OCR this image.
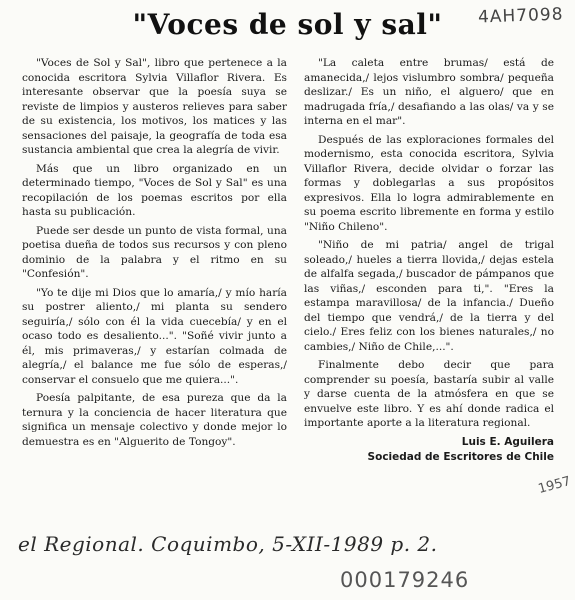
4AH7098
"Voces de sol y sal"

"Voces de Sol y Sal", libro que pertenece a la conocida escritora Sylvia Villaflor Rivera. Es interesante observar que la poesía suya se reviste de limpios y austeros relieves para saber de su existencia, los motivos, los matices y las sensaciones del paisaje, la geografía de toda esa sustancia ambiental que crea la alegría de vivir.

Más que un libro organizado en un determinado tiempo, "Voces de Sol y Sal" es una recopilación de los poemas escritos por ella hasta su publicación.

Puede ser desde un punto de vista formal, una poetisa dueña de todos sus recursos y con pleno dominio de la palabra y el ritmo en su "Confesión".

"Yo te dije mi Dios que lo amaría,/ y mío haría su postrer aliento,/ mi planta su sendero seguiría,/ sólo con él la vida cuecebía/ y en el ocaso todo es desaliento...". "Soñé vivir junto a él, mis primaveras,/ y estarían colmada de alegría,/ el balance me fue sólo de esperas,/ conservar el consuelo que me quiera...".

Poesía palpitante, de esa pureza que da la ternura y la conciencia de hacer literatura que significa un mensaje colectivo y donde mejor lo demuestra es en "Alguerito de Tongoy".

"La caleta entre brumas/ está de amanecida,/ lejos vislumbro sombra/ pequeña deslizar./ Es un niño, el alguero/ que en madrugada fría,/ desafiando a las olas/ va y se interna en el mar".

Después de las exploraciones formales del modernismo, esta conocida escritora, Sylvia Villaflor Rivera, decide olvidar o forzar las formas y doblegarlas a sus propósitos expresivos. Ella lo logra admirablemente en su poema escrito libremente en forma y estilo "Niño Chileno".

"Niño de mi patria/ angel de trigal soleado,/ hueles a tierra llovida,/ dejas estela de alfalfa segada,/ buscador de pámpanos que las viñas,/ esconden para ti,". "Eres la estampa maravillosa/ de la infancia./ Dueño del tiempo que vendrá,/ de la tierra y del cielo./ Eres feliz con los bienes naturales,/ no cambies,/ Niño de Chile,...".

Finalmente debo decir que para comprender su poesía, bastaría subir al valle y darse cuenta de la atmósfera en que se envuelve este libro. Y es ahí donde radica el importante aporte a la literatura regional.

Luis E. Aguilera
Sociedad de Escritores de Chile
1957
el Regional. Coquimbo, 5-XII-1989 p. 2.
000179246
